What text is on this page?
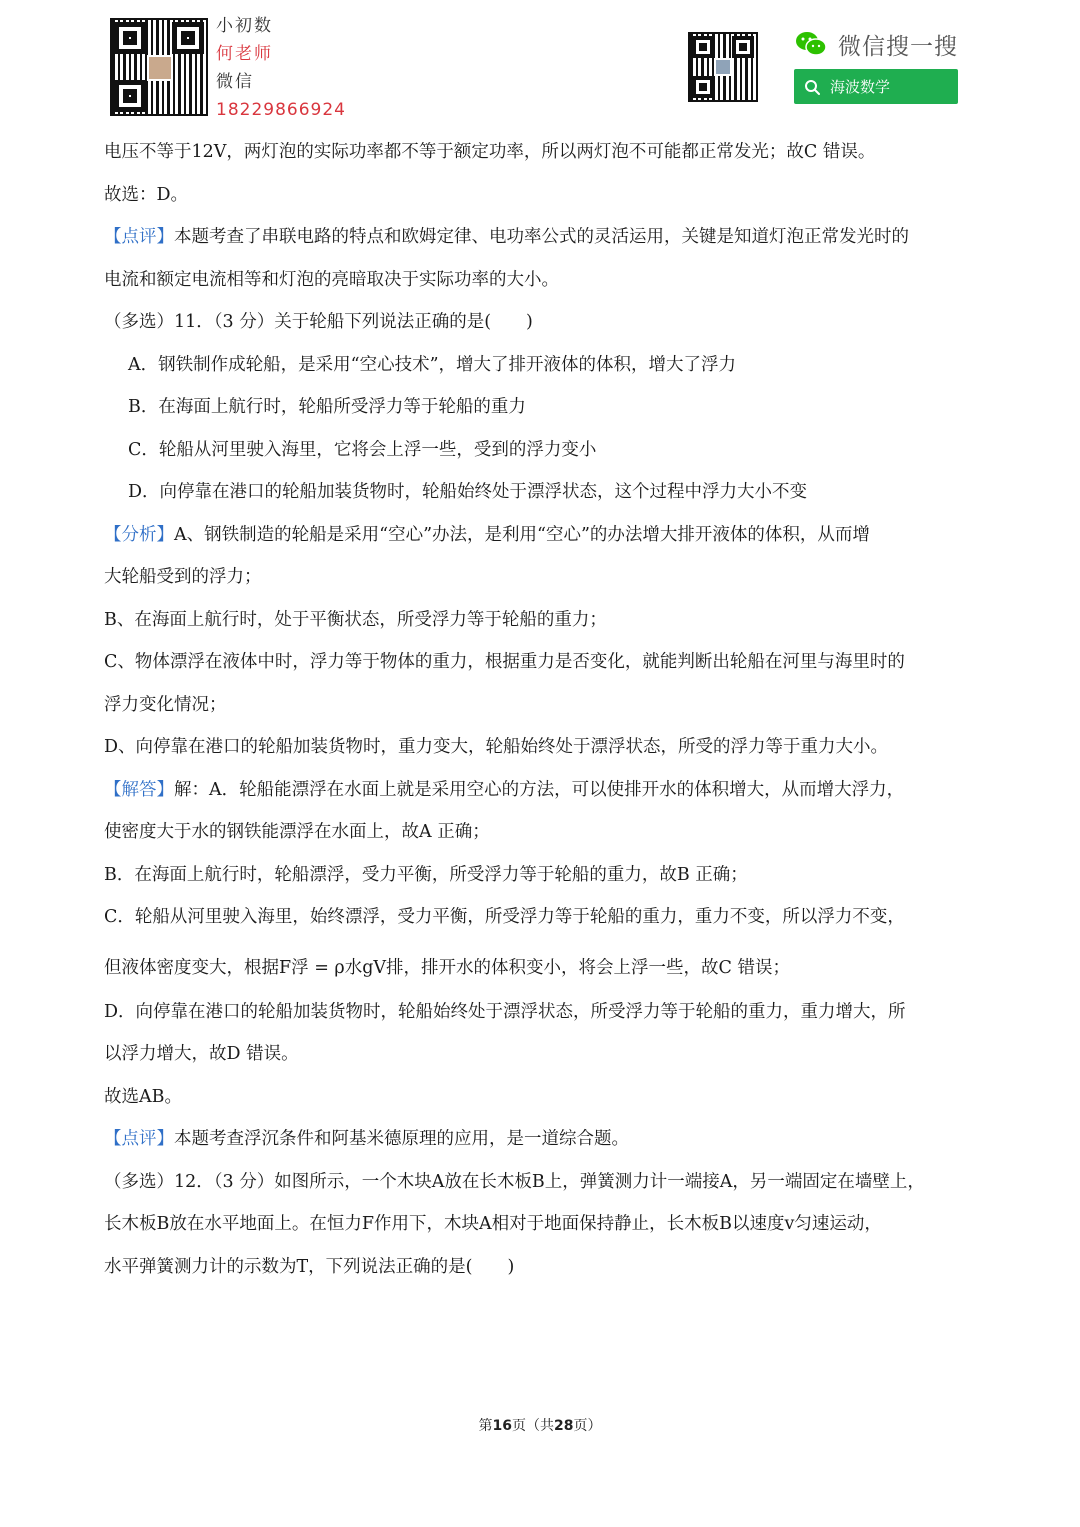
小初数
何老师
微信
18229866924
微信搜一搜
海波数学
电压不等于12V，两灯泡的实际功率都不等于额定功率，所以两灯泡不可能都正常发光；故C 错误。
故选：D。
【点评】本题考查了串联电路的特点和欧姆定律、电功率公式的灵活运用，关键是知道灯泡正常发光时的
电流和额定电流相等和灯泡的亮暗取决于实际功率的大小。
（多选）11．（3 分）关于轮船下列说法正确的是(　　)
A．钢铁制作成轮船，是采用“空心技术”，增大了排开液体的体积，增大了浮力
B．在海面上航行时，轮船所受浮力等于轮船的重力
C．轮船从河里驶入海里，它将会上浮一些，受到的浮力变小
D．向停靠在港口的轮船加装货物时，轮船始终处于漂浮状态，这个过程中浮力大小不变
【分析】A、钢铁制造的轮船是采用“空心”办法，是利用“空心”的办法增大排开液体的体积，从而增
大轮船受到的浮力；
B、在海面上航行时，处于平衡状态，所受浮力等于轮船的重力；
C、物体漂浮在液体中时，浮力等于物体的重力，根据重力是否变化，就能判断出轮船在河里与海里时的
浮力变化情况；
D、向停靠在港口的轮船加装货物时，重力变大，轮船始终处于漂浮状态，所受的浮力等于重力大小。
【解答】解：A．轮船能漂浮在水面上就是采用空心的方法，可以使排开水的体积增大，从而增大浮力，
使密度大于水的钢铁能漂浮在水面上，故A 正确；
B．在海面上航行时，轮船漂浮，受力平衡，所受浮力等于轮船的重力，故B 正确；
C．轮船从河里驶入海里，始终漂浮，受力平衡，所受浮力等于轮船的重力，重力不变，所以浮力不变，
但液体密度变大，根据F浮 = ρ水gV排，排开水的体积变小，将会上浮一些，故C 错误；
D．向停靠在港口的轮船加装货物时，轮船始终处于漂浮状态，所受浮力等于轮船的重力，重力增大，所
以浮力增大，故D 错误。
故选AB。
【点评】本题考查浮沉条件和阿基米德原理的应用，是一道综合题。
（多选）12．（3 分）如图所示，一个木块A放在长木板B上，弹簧测力计一端接A，另一端固定在墙壁上，
长木板B放在水平地面上。在恒力F作用下，木块A相对于地面保持静止，长木板B以速度v匀速运动，
水平弹簧测力计的示数为T，下列说法正确的是(　　)
第16页（共28页）
